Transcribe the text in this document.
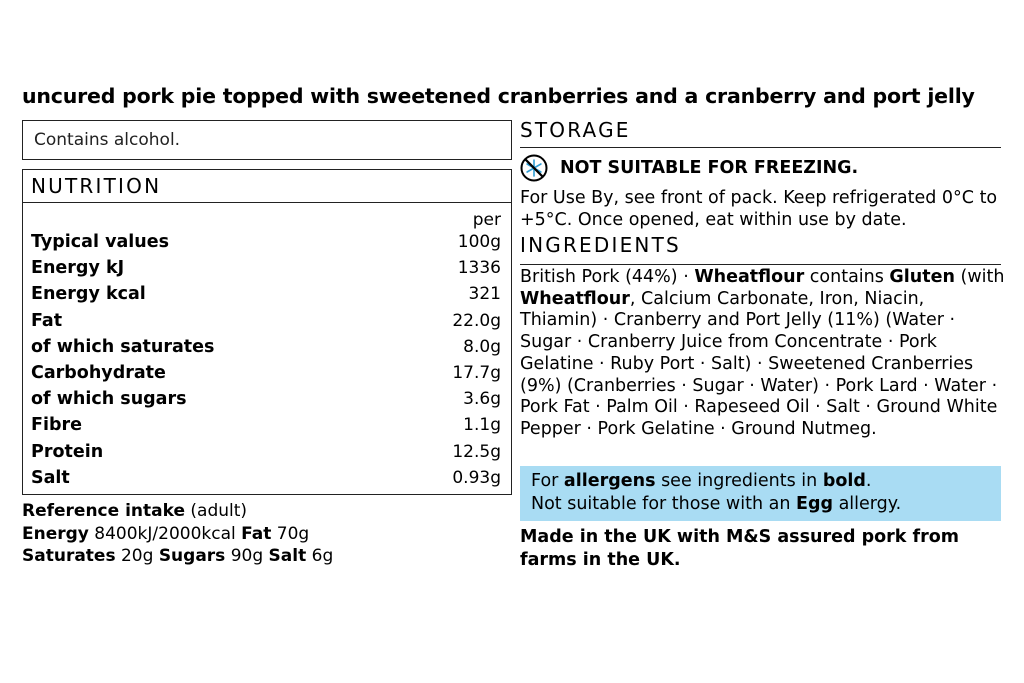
uncured pork pie topped with sweetened cranberries and a cranberry and port jelly
Contains alcohol.
NUTRITION
per
Typical values	100g
Energy kJ	1336
Energy kcal	321
Fat	22.0g
of which saturates	8.0g
Carbohydrate	17.7g
of which sugars	3.6g
Fibre	1.1g
Protein	12.5g
Salt	0.93g
Reference intake (adult)
Energy 8400kJ/2000kcal Fat 70g
Saturates 20g Sugars 90g Salt 6g
STORAGE
NOT SUITABLE FOR FREEZING.
For Use By, see front of pack. Keep refrigerated 0°C to +5°C. Once opened, eat within use by date.
INGREDIENTS
British Pork (44%) · Wheatflour contains Gluten (with Wheatflour, Calcium Carbonate, Iron, Niacin, Thiamin) · Cranberry and Port Jelly (11%) (Water · Sugar · Cranberry Juice from Concentrate · Pork Gelatine · Ruby Port · Salt) · Sweetened Cranberries (9%) (Cranberries · Sugar · Water) · Pork Lard · Water · Pork Fat · Palm Oil · Rapeseed Oil · Salt · Ground White Pepper · Pork Gelatine · Ground Nutmeg.
For allergens see ingredients in bold.
Not suitable for those with an Egg allergy.
Made in the UK with M&S assured pork from farms in the UK.
